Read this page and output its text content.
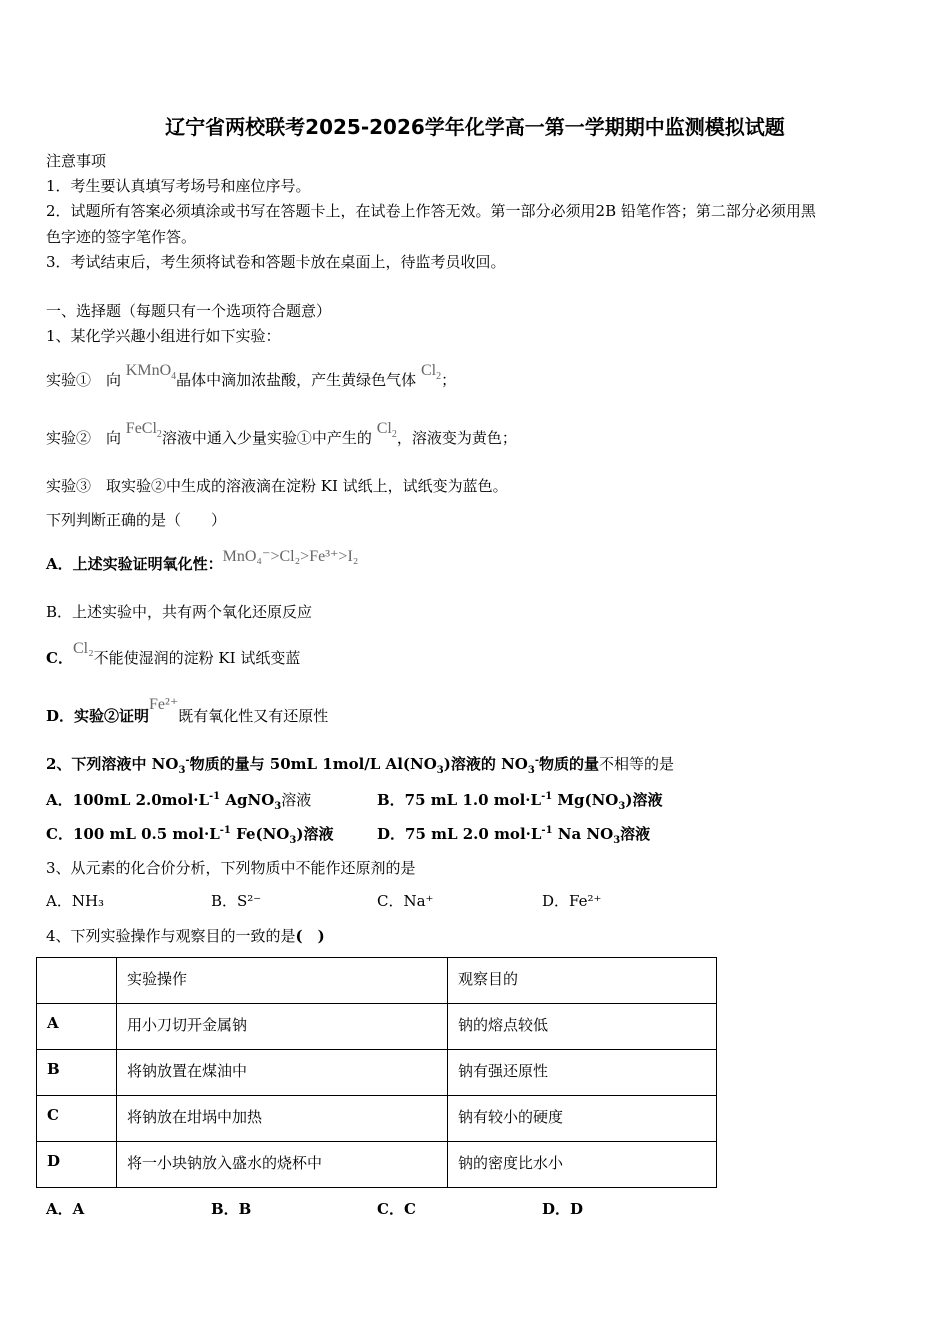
辽宁省两校联考2025-2026学年化学高一第一学期期中监测模拟试题
注意事项
1．考生要认真填写考场号和座位序号。
2．试题所有答案必须填涂或书写在答题卡上，在试卷上作答无效。第一部分必须用2B 铅笔作答；第二部分必须用黑
色字迹的签字笔作答。
3．考试结束后，考生须将试卷和答题卡放在桌面上，待监考员收回。
一、选择题（每题只有一个选项符合题意）
1、某化学兴趣小组进行如下实验：
实验①　向 KMnO$_4$晶体中滴加浓盐酸，产生黄绿色气体 $Cl_2$；
实验②　向 FeCl$_2$溶液中通入少量实验①中产生的 $Cl_2$，溶液变为黄色；
实验③　取实验②中生成的溶液滴在淀粉 KI 试纸上，试纸变为蓝色。
下列判断正确的是（　　）
A．上述实验证明氧化性：MnO₄⁻>Cl₂>Fe³⁺>I₂
B．上述实验中，共有两个氧化还原反应
C．Cl₂不能使湿润的淀粉 KI 试纸变蓝
D．实验②证明Fe²⁺既有氧化性又有还原性
2、下列溶液中 $NO_3^-$物质的量与 50mL 1mol/L $Al(NO_3)$溶液的 $NO_3^-$物质的量不相等的是
A．100mL $2.0mol\cdot L^{-1}$ AgNO$_3$溶液	B．75 mL 1.0 $mol\cdot L^{-1}$ $Mg(NO_3)$溶液
C．100 mL 0.5 $mol\cdot L^{-1}$ $Fe(NO_3)$溶液	D．75 mL 2.0 $mol\cdot L^{-1}$ Na $NO_3$溶液
3、从元素的化合价分析，下列物质中不能作还原剂的是
A．NH₃	B．S²⁻	C．Na⁺	D．Fe²⁺
4、下列实验操作与观察目的一致的是(　)
	实验操作	观察目的
A	用小刀切开金属钠	钠的熔点较低
B	将钠放置在煤油中	钠有强还原性
C	将钠放在坩埚中加热	钠有较小的硬度
D	将一小块钠放入盛水的烧杯中	钠的密度比水小
A．A	B．B	C．C	D．D
